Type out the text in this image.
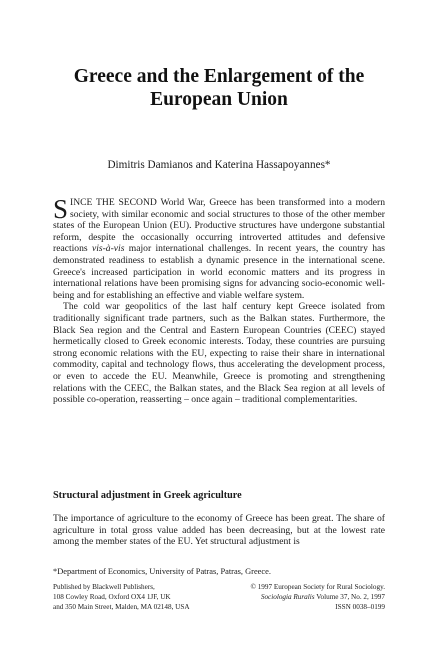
Greece and the Enlargement of the
European Union
Dimitris Damianos and Katerina Hassapoyannes*

SINCE THE SECOND World War, Greece has been transformed into a modern society, with similar economic and social structures to those of the other member states of the European Union (EU). Productive structures have undergone substantial reform, despite the occasionally occurring introverted attitudes and defensive reactions vis-à-vis major international challenges. In recent years, the country has demonstrated readiness to establish a dynamic presence in the international scene. Greece's increased participation in world economic matters and its progress in international relations have been promising signs for advancing socio-economic well-being and for establishing an effective and viable welfare system.

The cold war geopolitics of the last half century kept Greece isolated from traditionally significant trade partners, such as the Balkan states. Furthermore, the Black Sea region and the Central and Eastern European Countries (CEEC) stayed hermetically closed to Greek economic interests. Today, these countries are pursuing strong economic relations with the EU, expecting to raise their share in international commodity, capital and technology flows, thus accelerating the development process, or even to accede the EU. Meanwhile, Greece is promoting and strengthening relations with the CEEC, the Balkan states, and the Black Sea region at all levels of possible co-operation, reasserting – once again – traditional complementarities.

Structural adjustment in Greek agriculture

The importance of agriculture to the economy of Greece has been great. The share of agriculture in total gross value added has been decreasing, but at the lowest rate among the member states of the EU. Yet structural adjustment is

*Department of Economics, University of Patras, Patras, Greece.
Published by Blackwell Publishers,
108 Cowley Road, Oxford OX4 1JF, UK
and 350 Main Street, Malden, MA 02148, USA
© 1997 European Society for Rural Sociology.
Sociologia Ruralis Volume 37, No. 2, 1997
ISSN 0038–0199
